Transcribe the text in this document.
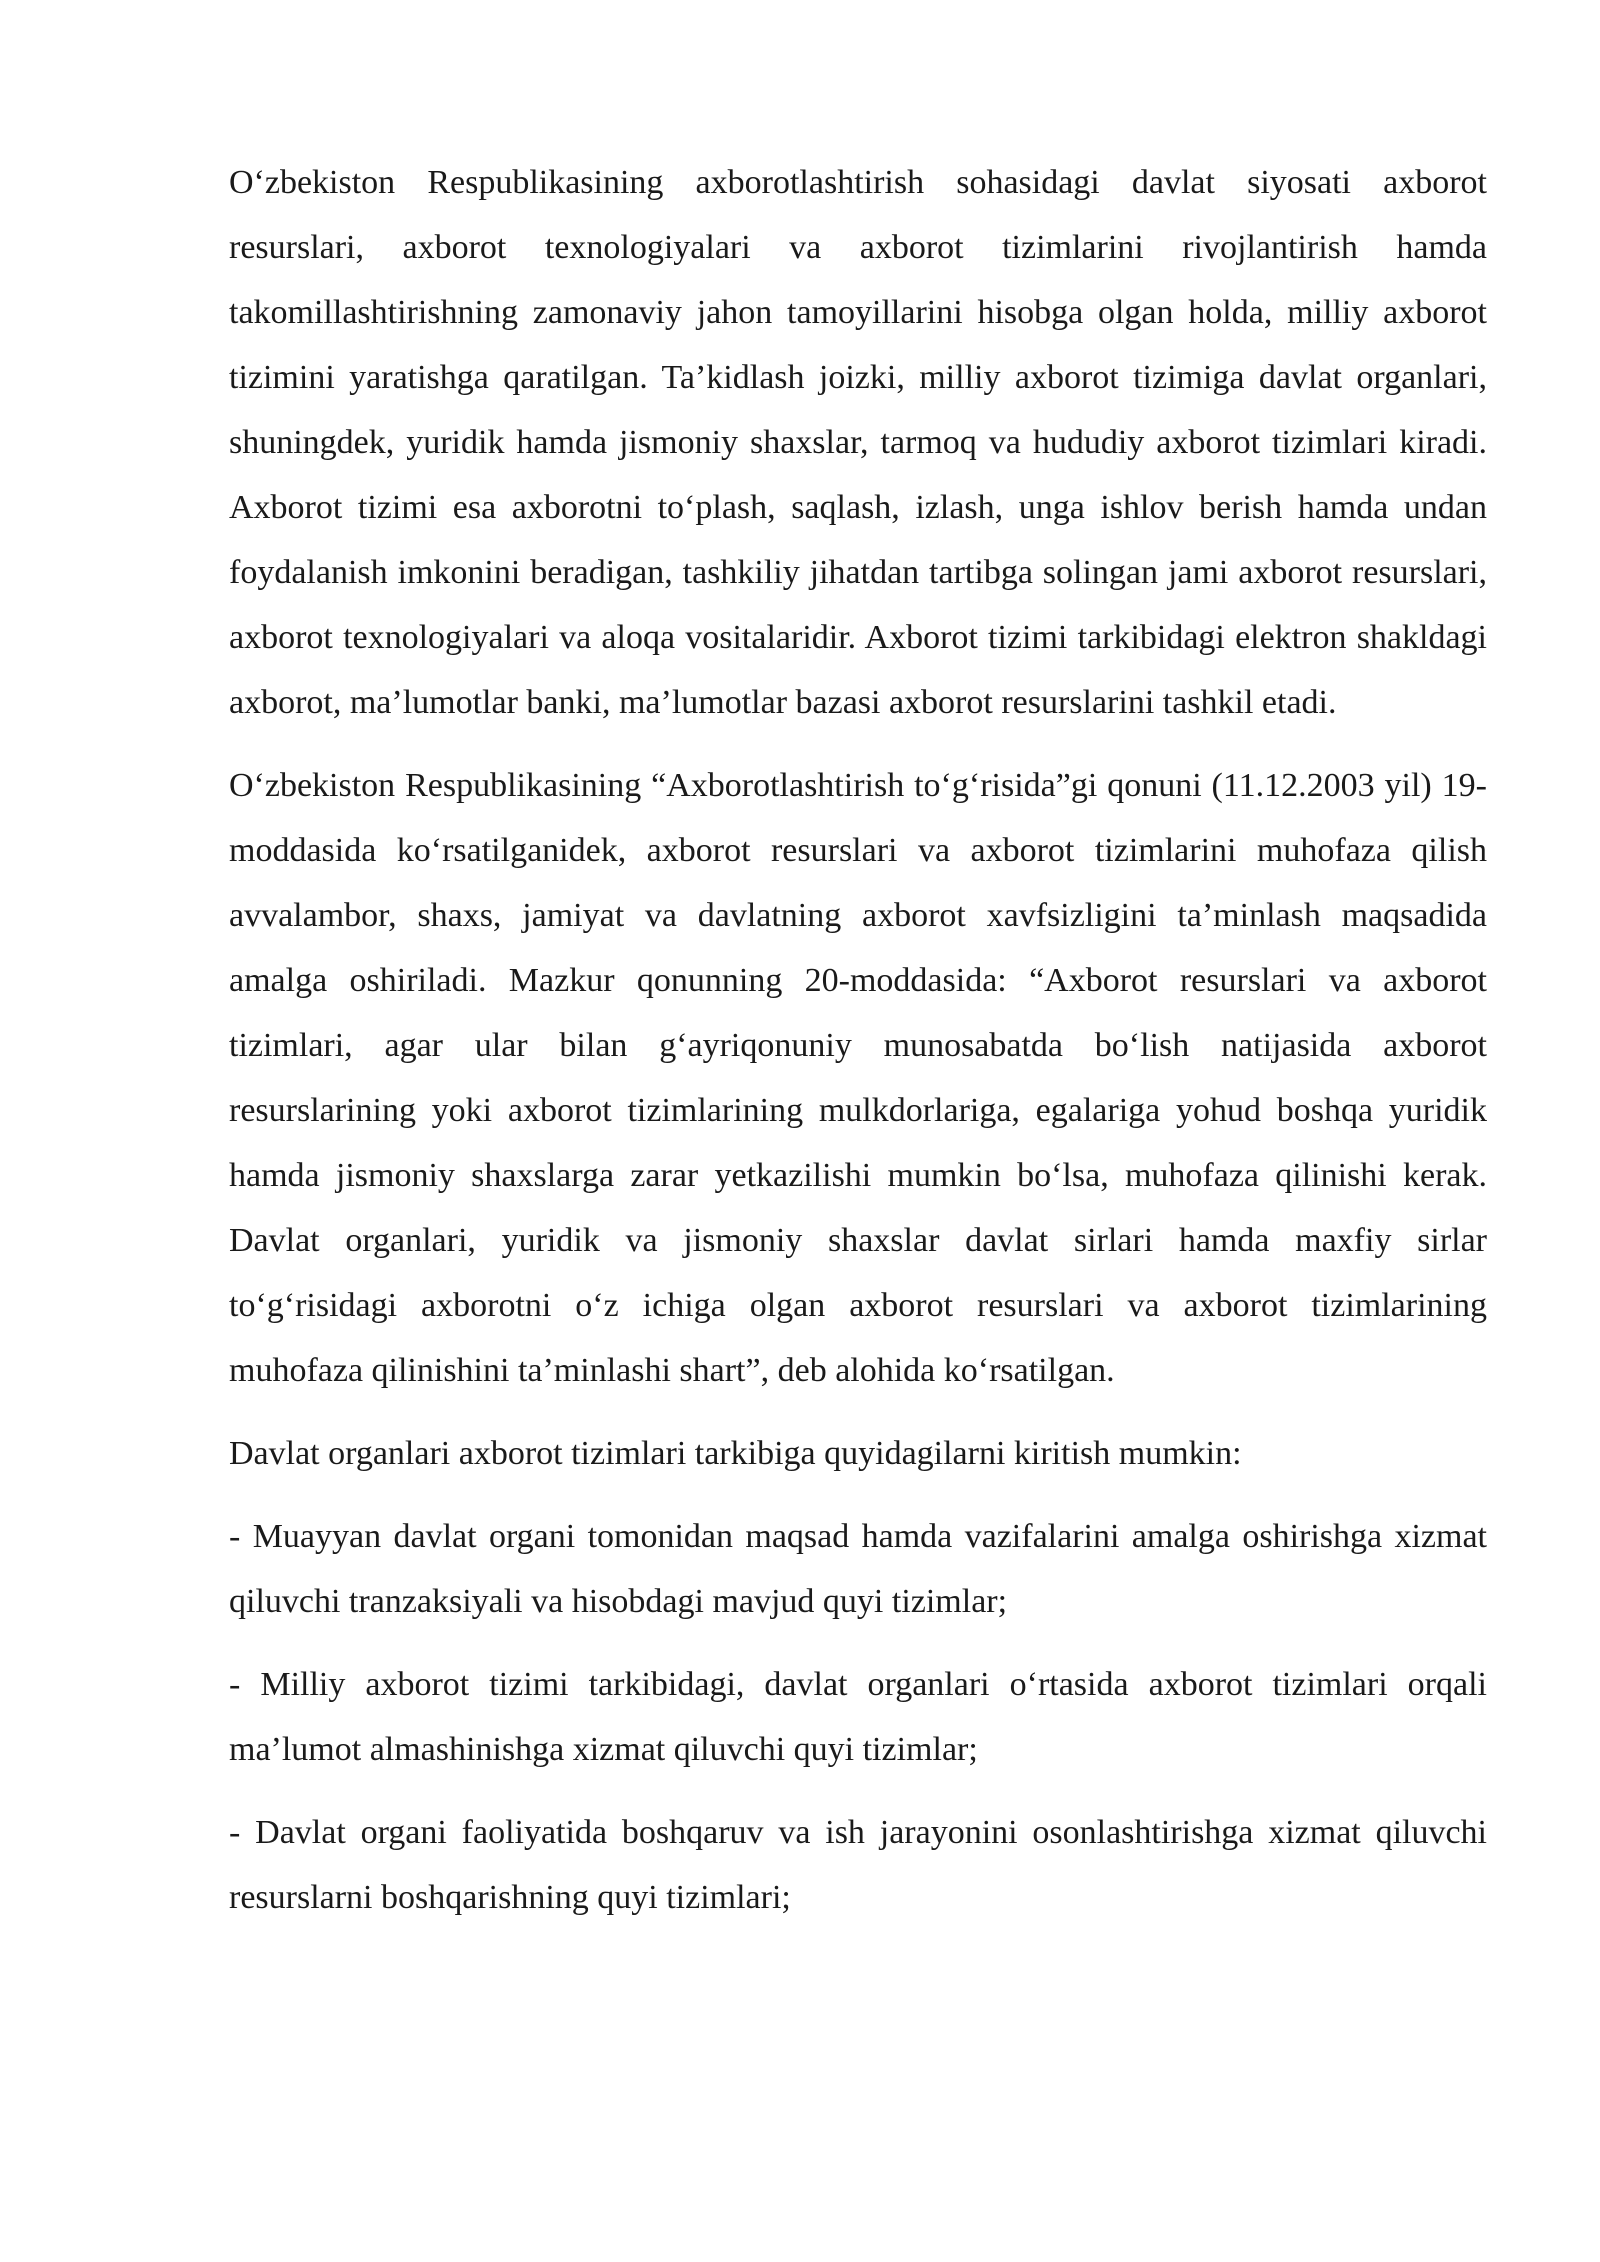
O‘zbekiston Respublikasining axborotlashtirish sohasidagi davlat siyosati axborot resurslari, axborot texnologiyalari va axborot tizimlarini rivojlantirish hamda takomillashtirishning zamonaviy jahon tamoyillarini hisobga olgan holda, milliy axborot tizimini yaratishga qaratilgan. Ta’kidlash joizki, milliy axborot tizimiga davlat organlari, shuningdek, yuridik hamda jismoniy shaxslar, tarmoq va hududiy axborot tizimlari kiradi. Axborot tizimi esa axborotni to‘plash, saqlash, izlash, unga ishlov berish hamda undan foydalanish imkonini beradigan, tashkiliy jihatdan tartibga solingan jami axborot resurslari, axborot texnologiyalari va aloqa vositalaridir. Axborot tizimi tarkibidagi elektron shakldagi axborot, ma’lumotlar banki, ma’lumotlar bazasi axborot resurslarini tashkil etadi.

O‘zbekiston Respublikasining “Axborotlashtirish to‘g‘risida”gi qonuni (11.12.2003 yil) 19-moddasida ko‘rsatilganidek, axborot resurslari va axborot tizimlarini muhofaza qilish avvalambor, shaxs, jamiyat va davlatning axborot xavfsizligini ta’minlash maqsadida amalga oshiriladi. Mazkur qonunning 20-moddasida: “Axborot resurslari va axborot tizimlari, agar ular bilan g‘ayriqonuniy munosabatda bo‘lish natijasida axborot resurslarining yoki axborot tizimlarining mulkdorlariga, egalariga yohud boshqa yuridik hamda jismoniy shaxslarga zarar yetkazilishi mumkin bo‘lsa, muhofaza qilinishi kerak. Davlat organlari, yuridik va jismoniy shaxslar davlat sirlari hamda maxfiy sirlar to‘g‘risidagi axborotni o‘z ichiga olgan axborot resurslari va axborot tizimlarining muhofaza qilinishini ta’minlashi shart”, deb alohida ko‘rsatilgan.

Davlat organlari axborot tizimlari tarkibiga quyidagilarni kiritish mumkin:

- Muayyan davlat organi tomonidan maqsad hamda vazifalarini amalga oshirishga xizmat qiluvchi tranzaksiyali va hisobdagi mavjud quyi tizimlar;

- Milliy axborot tizimi tarkibidagi, davlat organlari o‘rtasida axborot tizimlari orqali ma’lumot almashinishga xizmat qiluvchi quyi tizimlar;

- Davlat organi faoliyatida boshqaruv va ish jarayonini osonlashtirishga xizmat qiluvchi resurslarni boshqarishning quyi tizimlari;
